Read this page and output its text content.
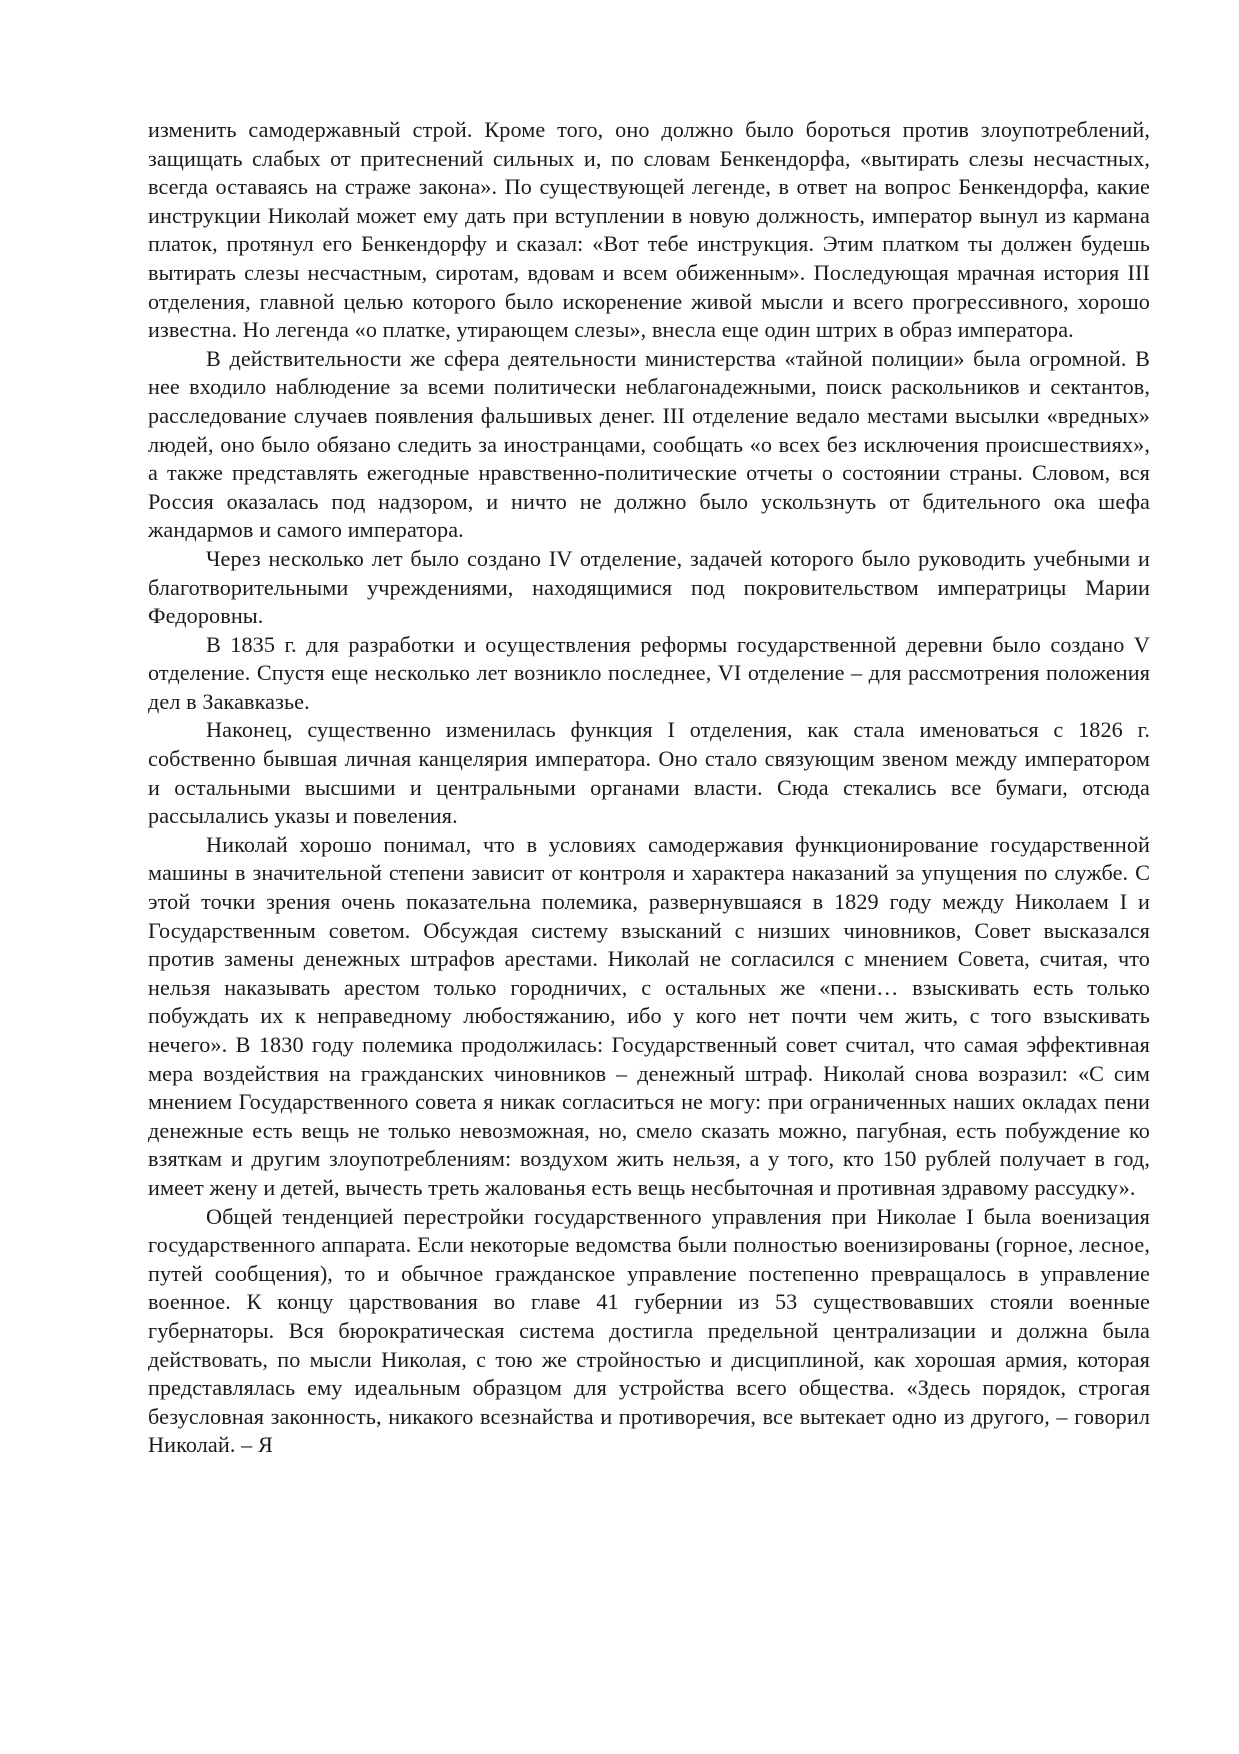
изменить самодержавный строй. Кроме того, оно должно было бороться против злоупотреблений, защищать слабых от притеснений сильных и, по словам Бенкендорфа, «вытирать слезы несчастных, всегда оставаясь на страже закона». По существующей легенде, в ответ на вопрос Бенкендорфа, какие инструкции Николай может ему дать при вступлении в новую должность, император вынул из кармана платок, протянул его Бенкендорфу и сказал: «Вот тебе инструкция. Этим платком ты должен будешь вытирать слезы несчастным, сиротам, вдовам и всем обиженным». Последующая мрачная история III отделения, главной целью которого было искоренение живой мысли и всего прогрессивного, хорошо известна. Но легенда «о платке, утирающем слезы», внесла еще один штрих в образ императора.

В действительности же сфера деятельности министерства «тайной полиции» была огромной. В нее входило наблюдение за всеми политически неблагонадежными, поиск раскольников и сектантов, расследование случаев появления фальшивых денег. III отделение ведало местами высылки «вредных» людей, оно было обязано следить за иностранцами, сообщать «о всех без исключения происшествиях», а также представлять ежегодные нравственно-политические отчеты о состоянии страны. Словом, вся Россия оказалась под надзором, и ничто не должно было ускользнуть от бдительного ока шефа жандармов и самого императора.

Через несколько лет было создано IV отделение, задачей которого было руководить учебными и благотворительными учреждениями, находящимися под покровительством императрицы Марии Федоровны.

В 1835 г. для разработки и осуществления реформы государственной деревни было создано V отделение. Спустя еще несколько лет возникло последнее, VI отделение – для рассмотрения положения дел в Закавказье.

Наконец, существенно изменилась функция I отделения, как стала именоваться с 1826 г. собственно бывшая личная канцелярия императора. Оно стало связующим звеном между императором и остальными высшими и центральными органами власти. Сюда стекались все бумаги, отсюда рассылались указы и повеления.

Николай хорошо понимал, что в условиях самодержавия функционирование государственной машины в значительной степени зависит от контроля и характера наказаний за упущения по службе. С этой точки зрения очень показательна полемика, развернувшаяся в 1829 году между Николаем I и Государственным советом. Обсуждая систему взысканий с низших чиновников, Совет высказался против замены денежных штрафов арестами. Николай не согласился с мнением Совета, считая, что нельзя наказывать арестом только городничих, с остальных же «пени… взыскивать есть только побуждать их к неправедному любостяжанию, ибо у кого нет почти чем жить, с того взыскивать нечего». В 1830 году полемика продолжилась: Государственный совет считал, что самая эффективная мера воздействия на гражданских чиновников – денежный штраф. Николай снова возразил: «С сим мнением Государственного совета я никак согласиться не могу: при ограниченных наших окладах пени денежные есть вещь не только невозможная, но, смело сказать можно, пагубная, есть побуждение ко взяткам и другим злоупотреблениям: воздухом жить нельзя, а у того, кто 150 рублей получает в год, имеет жену и детей, вычесть треть жалованья есть вещь несбыточная и противная здравому рассудку».

Общей тенденцией перестройки государственного управления при Николае I была военизация государственного аппарата. Если некоторые ведомства были полностью военизированы (горное, лесное, путей сообщения), то и обычное гражданское управление постепенно превращалось в управление военное. К концу царствования во главе 41 губернии из 53 существовавших стояли военные губернаторы. Вся бюрократическая система достигла предельной централизации и должна была действовать, по мысли Николая, с тою же стройностью и дисциплиной, как хорошая армия, которая представлялась ему идеальным образцом для устройства всего общества. «Здесь порядок, строгая безусловная законность, никакого всезнайства и противоречия, все вытекает одно из другого, – говорил Николай. – Я
